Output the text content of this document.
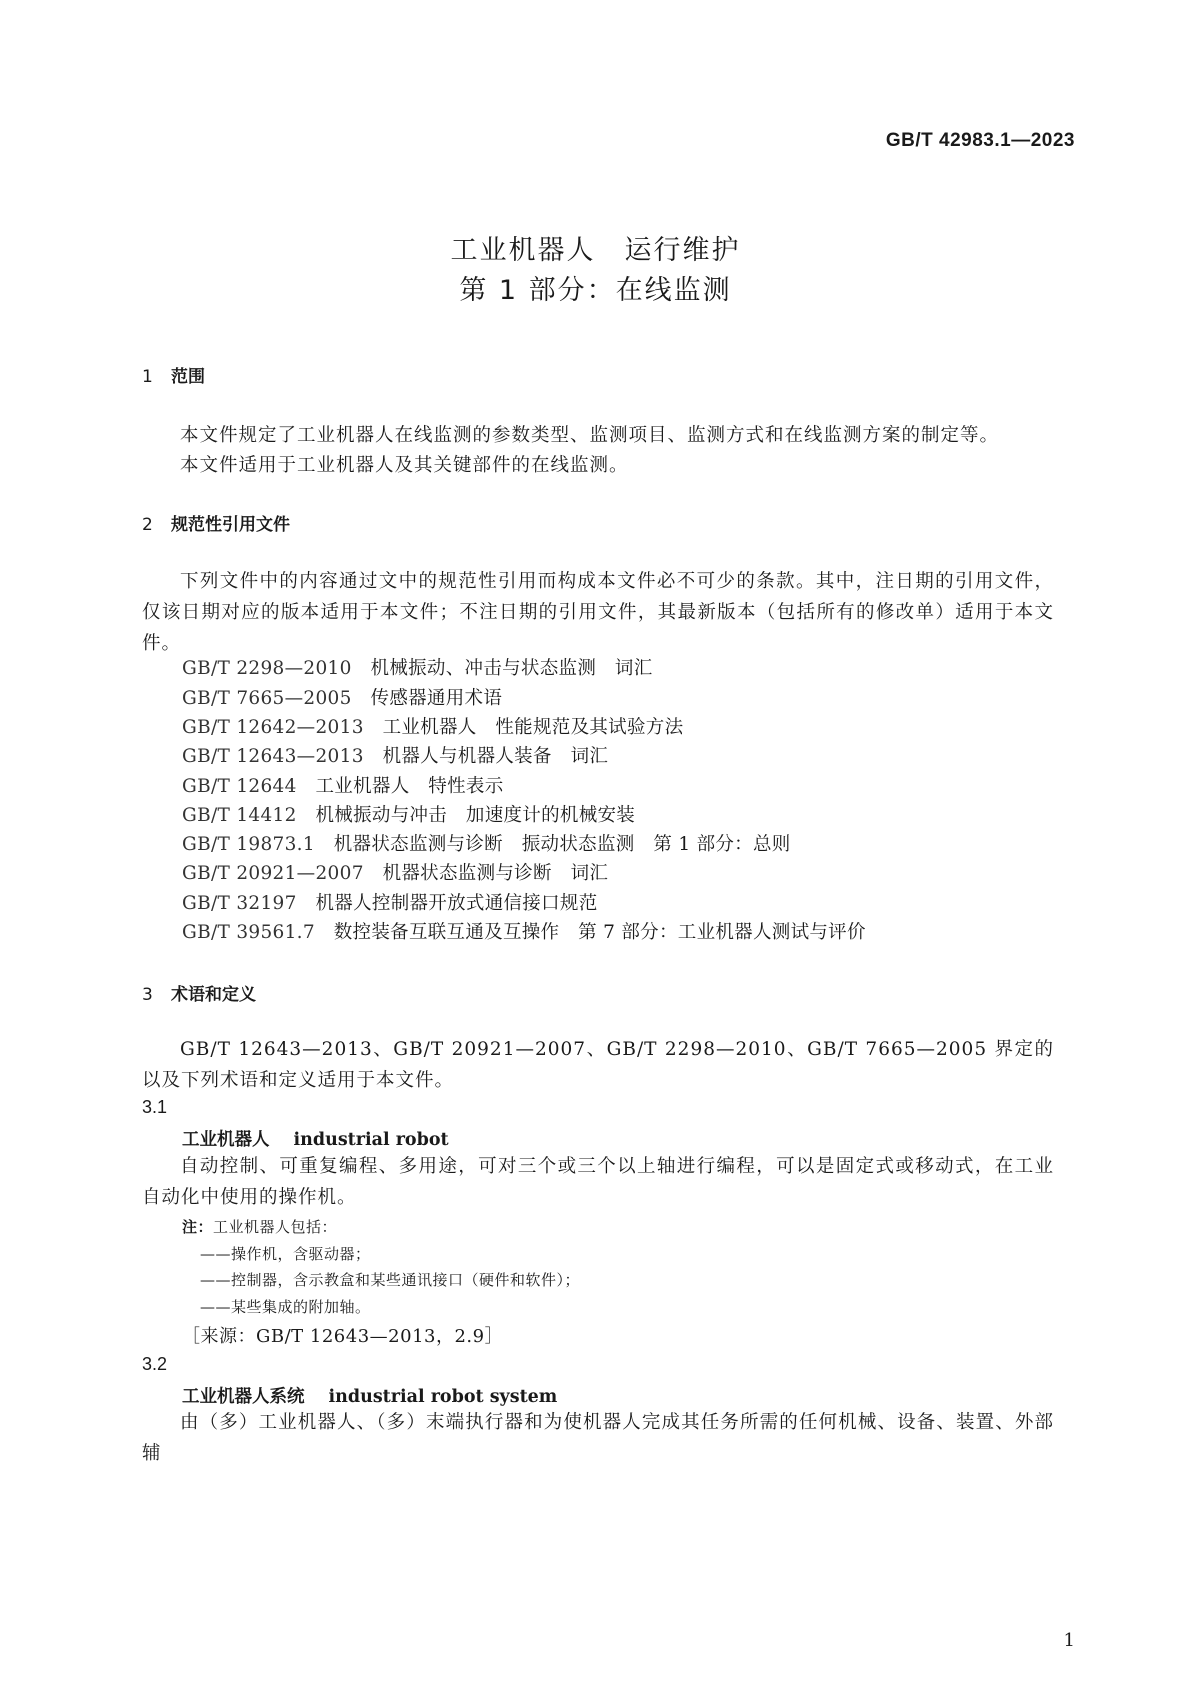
GB/T 42983.1—2023
工业机器人　运行维护
第 1 部分：在线监测
1 范围
本文件规定了工业机器人在线监测的参数类型、监测项目、监测方式和在线监测方案的制定等。
本文件适用于工业机器人及其关键部件的在线监测。
2 规范性引用文件
下列文件中的内容通过文中的规范性引用而构成本文件必不可少的条款。其中，注日期的引用文件，仅该日期对应的版本适用于本文件；不注日期的引用文件，其最新版本（包括所有的修改单）适用于本文件。
GB/T 2298—2010　 机械振动、冲击与状态监测　词汇
GB/T 7665—2005　 传感器通用术语
GB/T 12642—2013　 工业机器人　性能规范及其试验方法
GB/T 12643—2013　 机器人与机器人装备　词汇
GB/T 12644　 工业机器人　特性表示
GB/T 14412　 机械振动与冲击　加速度计的机械安装
GB/T 19873.1　 机器状态监测与诊断　振动状态监测　第 1 部分：总则
GB/T 20921—2007　 机器状态监测与诊断　词汇
GB/T 32197　 机器人控制器开放式通信接口规范
GB/T 39561.7　 数控装备互联互通及互操作　第 7 部分：工业机器人测试与评价
3 术语和定义
GB/T 12643—2013、GB/T 20921—2007、GB/T 2298—2010、GB/T 7665—2005 界定的以及下列术语和定义适用于本文件。
3.1
工业机器人 industrial robot
自动控制、可重复编程、多用途，可对三个或三个以上轴进行编程，可以是固定式或移动式，在工业自动化中使用的操作机。
注：工业机器人包括：
——操作机，含驱动器；
——控制器，含示教盒和某些通讯接口（硬件和软件）；
——某些集成的附加轴。
［来源：GB/T 12643—2013，2.9］
3.2
工业机器人系统 industrial robot system
由（多）工业机器人、（多）末端执行器和为使机器人完成其任务所需的任何机械、设备、装置、外部辅
1
